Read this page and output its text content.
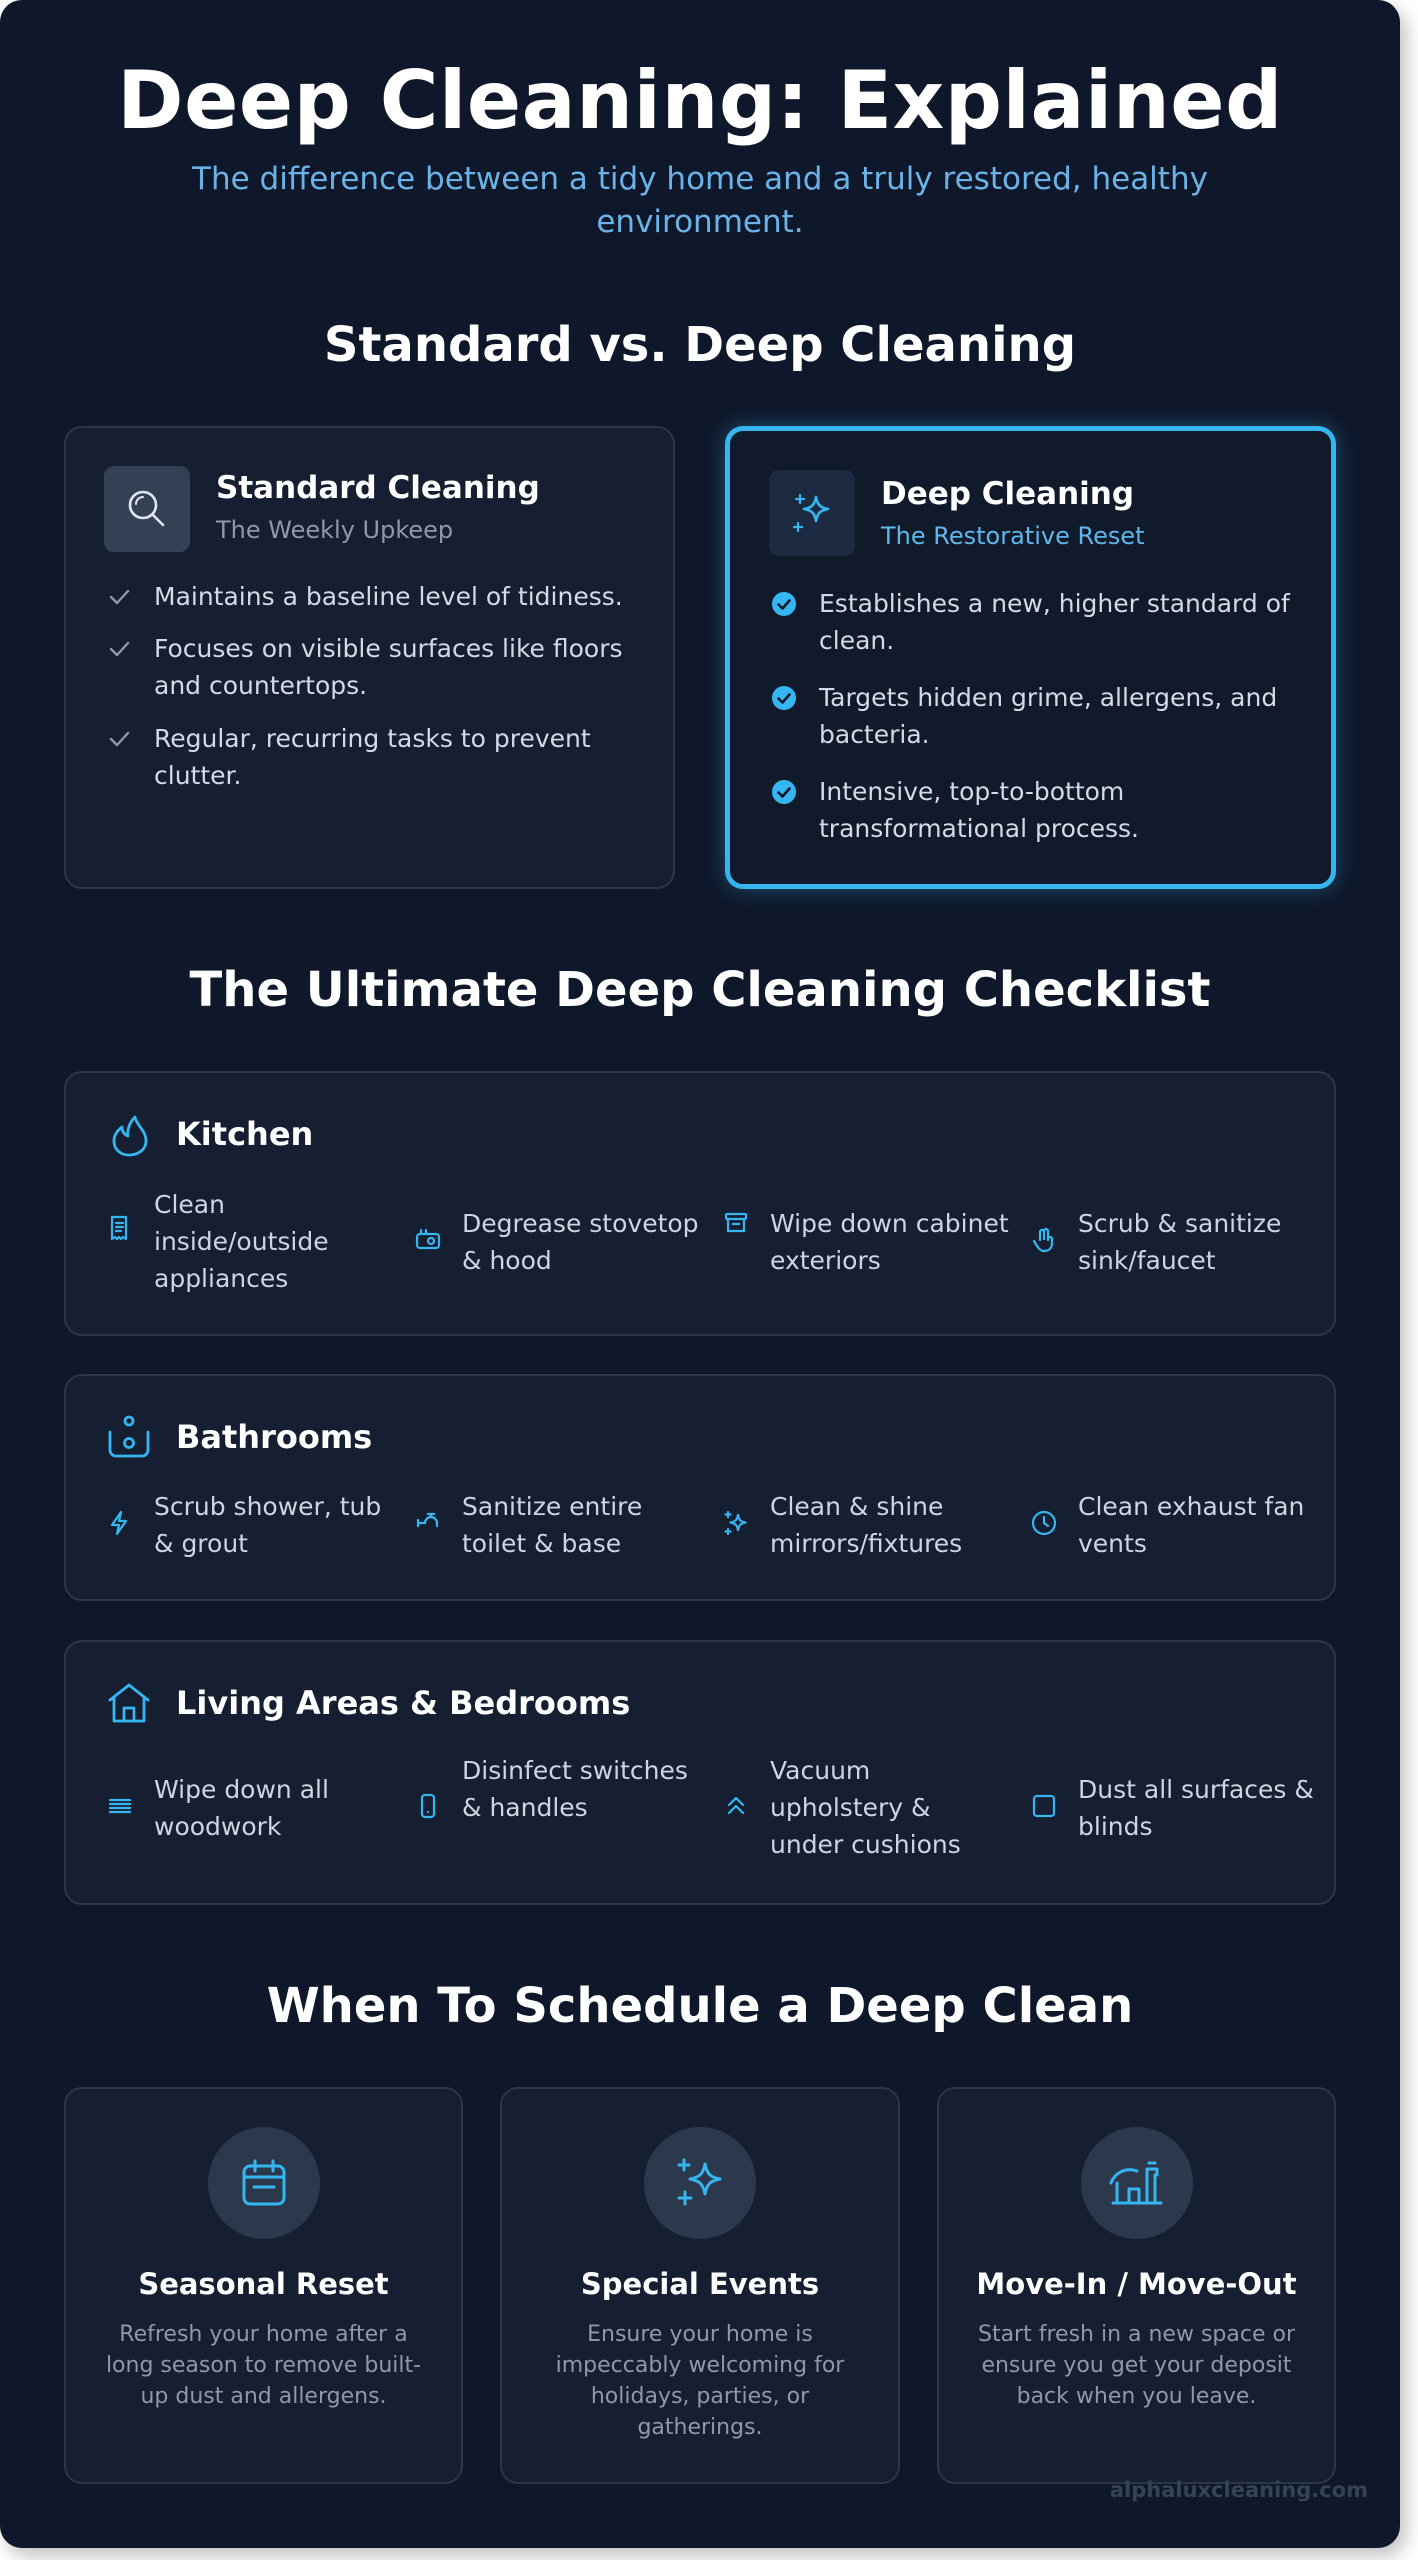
Deep Cleaning: Explained
The difference between a tidy home and a truly restored, healthy environment.
Standard vs. Deep Cleaning
Standard Cleaning
The Weekly Upkeep
Maintains a baseline level of tidiness.
Focuses on visible surfaces like floors and countertops.
Regular, recurring tasks to prevent clutter.
Deep Cleaning
The Restorative Reset
Establishes a new, higher standard of clean.
Targets hidden grime, allergens, and bacteria.
Intensive, top-to-bottom transformational process.
The Ultimate Deep Cleaning Checklist
Kitchen
Clean inside/outside appliances
Degrease stovetop & hood
Wipe down cabinet exteriors
Scrub & sanitize sink/faucet
Bathrooms
Scrub shower, tub & grout
Sanitize entire toilet & base
Clean & shine mirrors/fixtures
Clean exhaust fan vents
Living Areas & Bedrooms
Wipe down all woodwork
Disinfect switches & handles
Vacuum upholstery & under cushions
Dust all surfaces & blinds
When To Schedule a Deep Clean
Seasonal Reset
Refresh your home after a long season to remove built-up dust and allergens.
Special Events
Ensure your home is impeccably welcoming for holidays, parties, or gatherings.
Move-In / Move-Out
Start fresh in a new space or ensure you get your deposit back when you leave.
alphaluxcleaning.com
